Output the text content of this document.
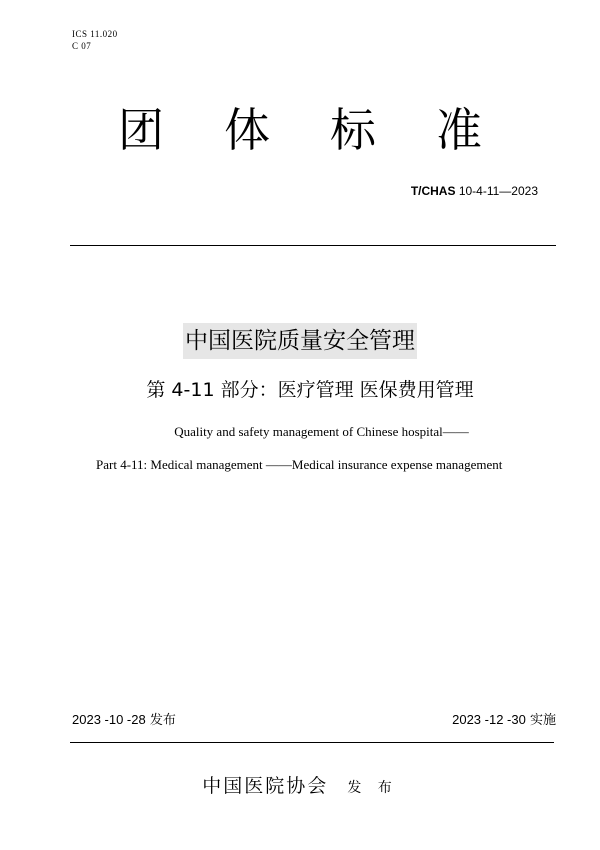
ICS 11.020
C 07
团 体 标 准
T/CHAS 10-4-11—2023
中国医院质量安全管理
第 4-11 部分：医疗管理 医保费用管理
Quality and safety management of Chinese hospital——
Part 4-11: Medical management ——Medical insurance expense management
2023 -10 -28 发布	2023 -12 -30 实施
中国医院协会 发 布
